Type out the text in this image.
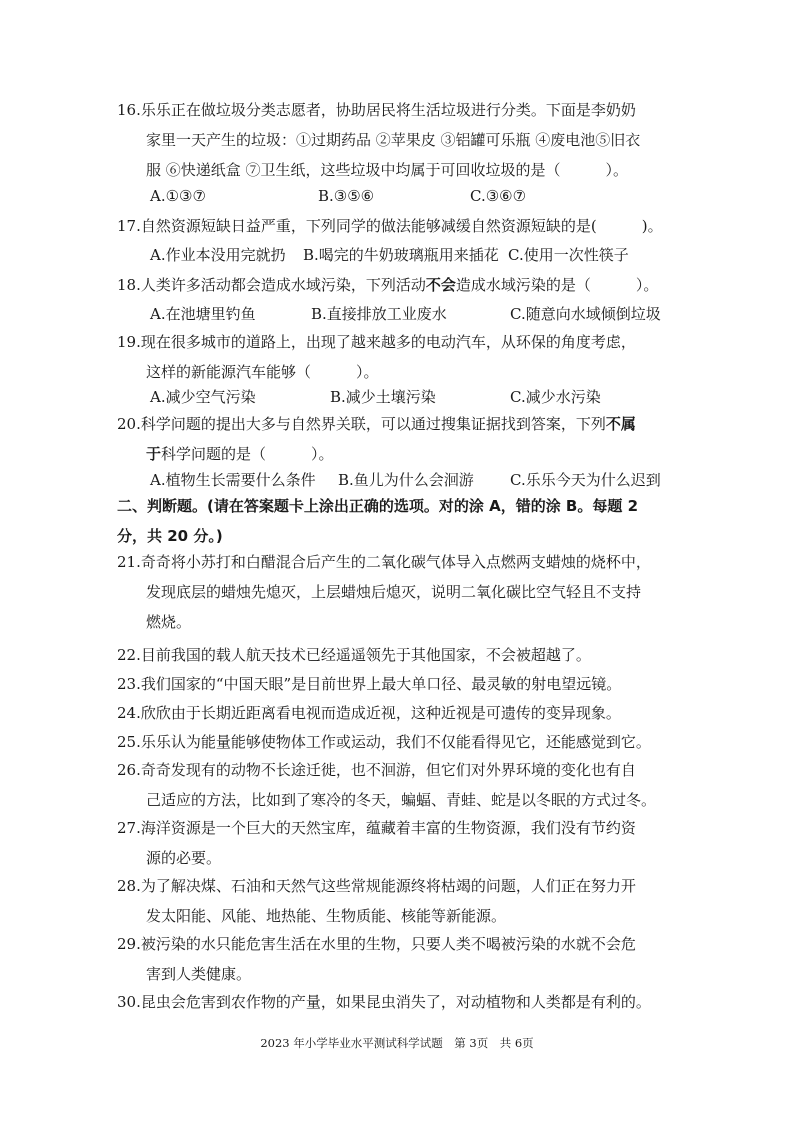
16.乐乐正在做垃圾分类志愿者，协助居民将生活垃圾进行分类。下面是李奶奶
家里一天产生的垃圾：①过期药品 ②苹果皮 ③铝罐可乐瓶 ④废电池⑤旧衣
服 ⑥快递纸盒 ⑦卫生纸，这些垃圾中均属于可回收垃圾的是（　　　）。
A.①③⑦	B.③⑤⑥	C.③⑥⑦
17.自然资源短缺日益严重，下列同学的做法能够减缓自然资源短缺的是(　　　)。
A.作业本没用完就扔 B.喝完的牛奶玻璃瓶用来插花 C.使用一次性筷子
18.人类许多活动都会造成水域污染，下列活动不会造成水域污染的是（　　　）。
A.在池塘里钓鱼	B.直接排放工业废水	C.随意向水域倾倒垃圾
19.现在很多城市的道路上，出现了越来越多的电动汽车，从环保的角度考虑，
这样的新能源汽车能够（　　　）。
A.减少空气污染	B.减少土壤污染	C.减少水污染
20.科学问题的提出大多与自然界关联，可以通过搜集证据找到答案，下列不属
于科学问题的是（　　　）。
A.植物生长需要什么条件 B.鱼儿为什么会洄游 C.乐乐今天为什么迟到
二、判断题。(请在答案题卡上涂出正确的选项。对的涂 A，错的涂 B。每题 2
分，共 20 分。)
21.奇奇将小苏打和白醋混合后产生的二氧化碳气体导入点燃两支蜡烛的烧杯中，
发现底层的蜡烛先熄灭，上层蜡烛后熄灭，说明二氧化碳比空气轻且不支持
燃烧。
22.目前我国的载人航天技术已经遥遥领先于其他国家，不会被超越了。
23.我们国家的“中国天眼”是目前世界上最大单口径、最灵敏的射电望远镜。
24.欣欣由于长期近距离看电视而造成近视，这种近视是可遗传的变异现象。
25.乐乐认为能量能够使物体工作或运动，我们不仅能看得见它，还能感觉到它。
26.奇奇发现有的动物不长途迁徙，也不洄游，但它们对外界环境的变化也有自
己适应的方法，比如到了寒冷的冬天，蝙蝠、青蛙、蛇是以冬眠的方式过冬。
27.海洋资源是一个巨大的天然宝库，蕴藏着丰富的生物资源，我们没有节约资
源的必要。
28.为了解决煤、石油和天然气这些常规能源终将枯竭的问题，人们正在努力开
发太阳能、风能、地热能、生物质能、核能等新能源。
29.被污染的水只能危害生活在水里的生物，只要人类不喝被污染的水就不会危
害到人类健康。
30.昆虫会危害到农作物的产量，如果昆虫消失了，对动植物和人类都是有利的。
2023 年小学毕业水平测试科学试题　第 3页　共 6页
